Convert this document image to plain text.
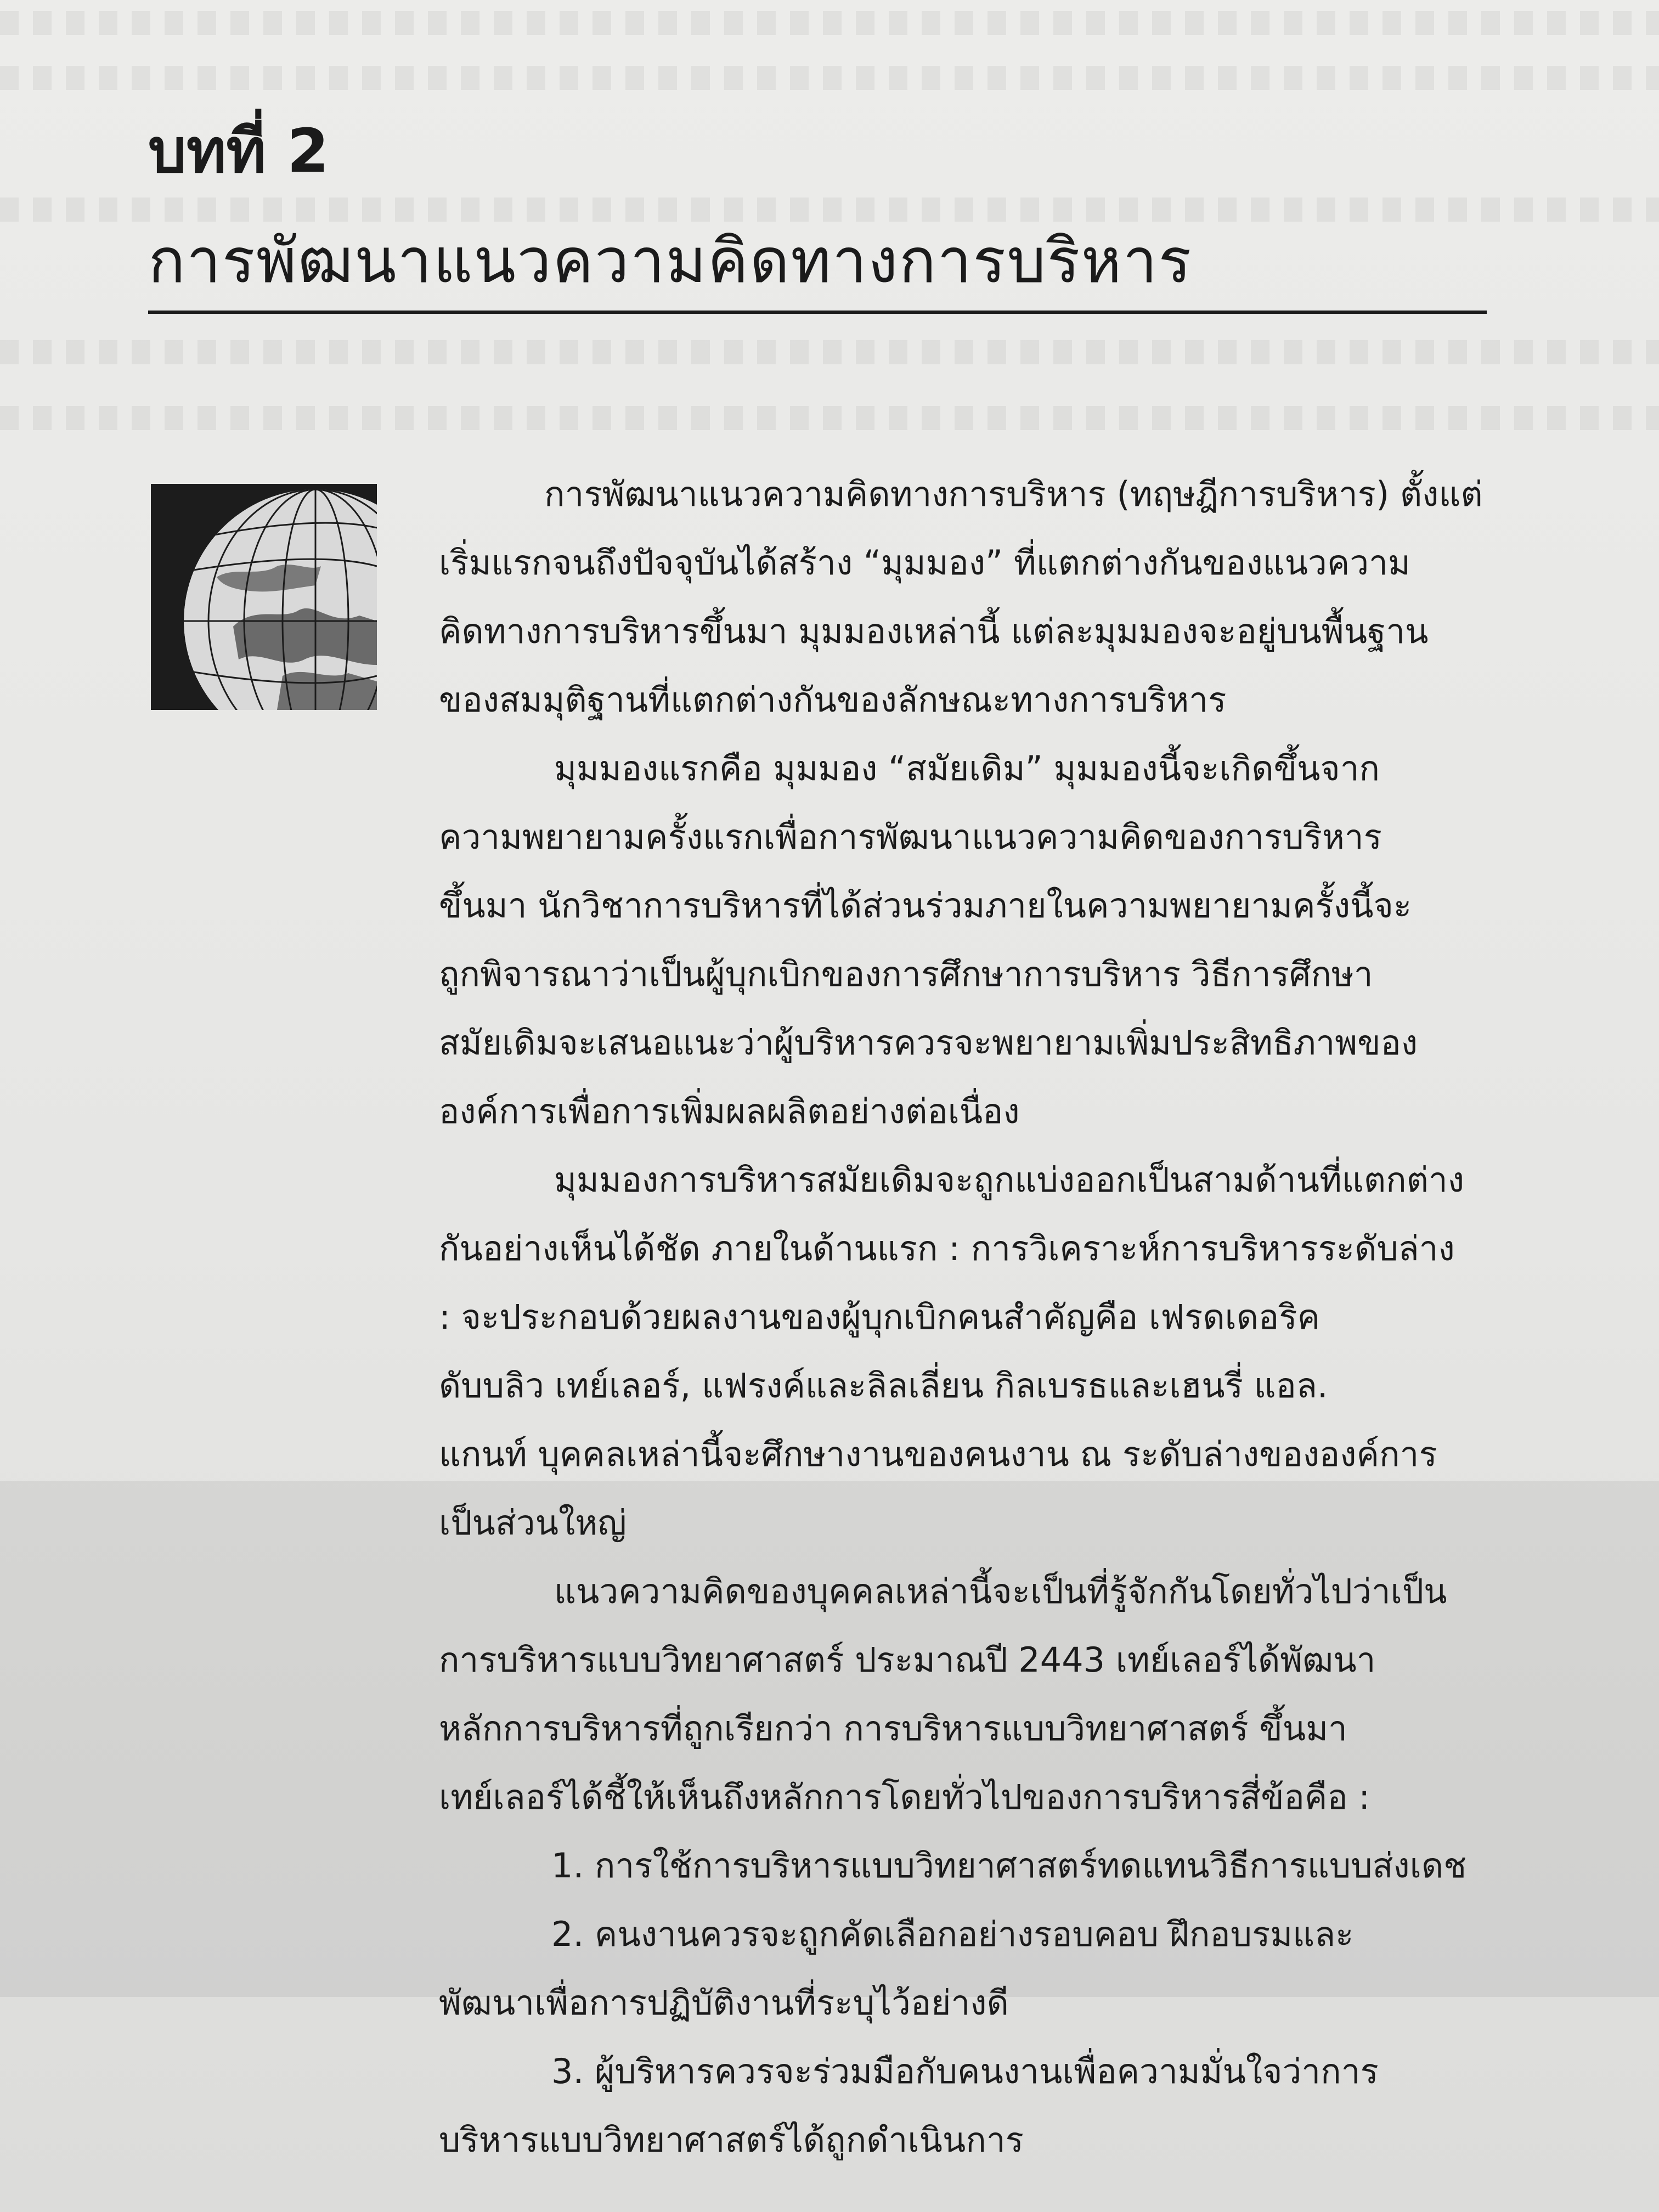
บทที่ 2
การพัฒนาแนวความคิดทางการบริหาร
การพัฒนาแนวความคิดทางการบริหาร (ทฤษฎีการบริหาร) ตั้งแต่
เริ่มแรกจนถึงปัจจุบันได้สร้าง “มุมมอง” ที่แตกต่างกันของแนวความ
คิดทางการบริหารขึ้นมา มุมมองเหล่านี้ แต่ละมุมมองจะอยู่บนพื้นฐาน
ของสมมุติฐานที่แตกต่างกันของลักษณะทางการบริหาร
มุมมองแรกคือ มุมมอง “สมัยเดิม” มุมมองนี้จะเกิดขึ้นจาก
ความพยายามครั้งแรกเพื่อการพัฒนาแนวความคิดของการบริหาร
ขึ้นมา นักวิชาการบริหารที่ได้ส่วนร่วมภายในความพยายามครั้งนี้จะ
ถูกพิจารณาว่าเป็นผู้บุกเบิกของการศึกษาการบริหาร วิธีการศึกษา
สมัยเดิมจะเสนอแนะว่าผู้บริหารควรจะพยายามเพิ่มประสิทธิภาพของ
องค์การเพื่อการเพิ่มผลผลิตอย่างต่อเนื่อง
มุมมองการบริหารสมัยเดิมจะถูกแบ่งออกเป็นสามด้านที่แตกต่าง
กันอย่างเห็นได้ชัด ภายในด้านแรก : การวิเคราะห์การบริหารระดับล่าง
: จะประกอบด้วยผลงานของผู้บุกเบิกคนสำคัญคือ เฟรดเดอริค
ดับบลิว เทย์เลอร์, แฟรงค์และลิลเลี่ยน กิลเบรธและเฮนรี่ แอล.
แกนท์ บุคคลเหล่านี้จะศึกษางานของคนงาน ณ ระดับล่างขององค์การ
เป็นส่วนใหญ่
แนวความคิดของบุคคลเหล่านี้จะเป็นที่รู้จักกันโดยทั่วไปว่าเป็น
การบริหารแบบวิทยาศาสตร์ ประมาณปี 2443 เทย์เลอร์ได้พัฒนา
หลักการบริหารที่ถูกเรียกว่า การบริหารแบบวิทยาศาสตร์ ขึ้นมา
เทย์เลอร์ได้ชี้ให้เห็นถึงหลักการโดยทั่วไปของการบริหารสี่ข้อคือ :
1. การใช้การบริหารแบบวิทยาศาสตร์ทดแทนวิธีการแบบส่งเดช
2. คนงานควรจะถูกคัดเลือกอย่างรอบคอบ ฝึกอบรมและ
พัฒนาเพื่อการปฏิบัติงานที่ระบุไว้อย่างดี
3. ผู้บริหารควรจะร่วมมือกับคนงานเพื่อความมั่นใจว่าการ
บริหารแบบวิทยาศาสตร์ได้ถูกดำเนินการ
